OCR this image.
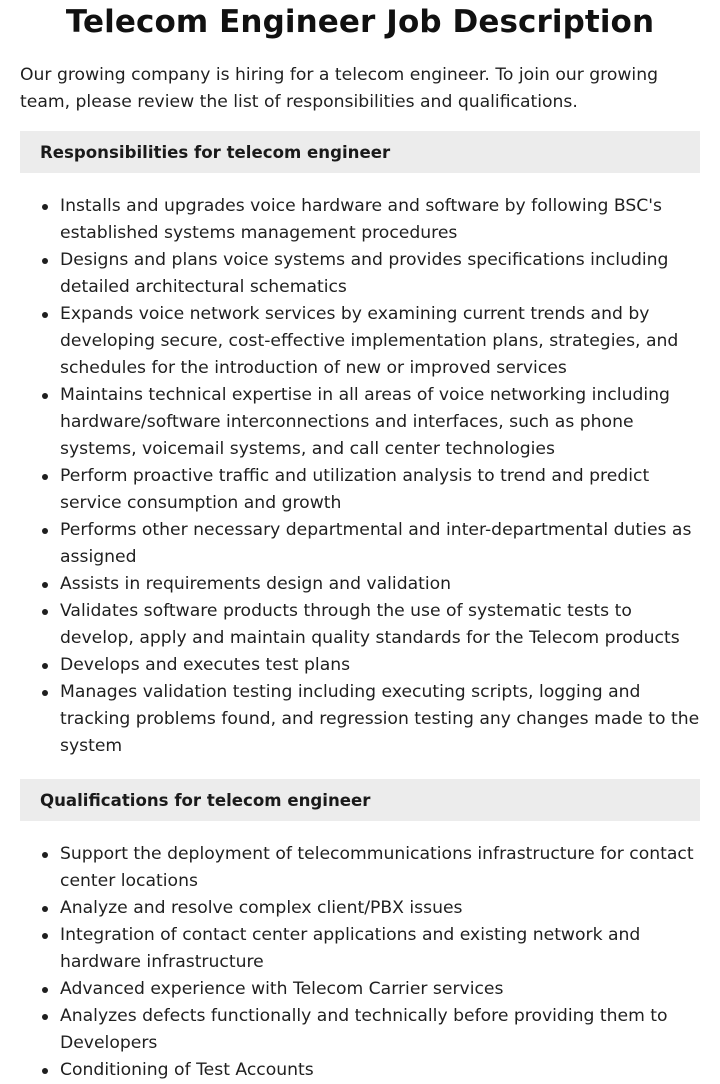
Telecom Engineer Job Description

Our growing company is hiring for a telecom engineer. To join our growing team, please review the list of responsibilities and qualifications.

Responsibilities for telecom engineer
Installs and upgrades voice hardware and software by following BSC's established systems management procedures
Designs and plans voice systems and provides specifications including detailed architectural schematics
Expands voice network services by examining current trends and by developing secure, cost-effective implementation plans, strategies, and schedules for the introduction of new or improved services
Maintains technical expertise in all areas of voice networking including hardware/software interconnections and interfaces, such as phone systems, voicemail systems, and call center technologies
Perform proactive traffic and utilization analysis to trend and predict service consumption and growth
Performs other necessary departmental and inter-departmental duties as assigned
Assists in requirements design and validation
Validates software products through the use of systematic tests to develop, apply and maintain quality standards for the Telecom products
Develops and executes test plans
Manages validation testing including executing scripts, logging and tracking problems found, and regression testing any changes made to the system
Qualifications for telecom engineer
Support the deployment of telecommunications infrastructure for contact center locations
Analyze and resolve complex client/PBX issues
Integration of contact center applications and existing network and hardware infrastructure
Advanced experience with Telecom Carrier services
Analyzes defects functionally and technically before providing them to Developers
Conditioning of Test Accounts
